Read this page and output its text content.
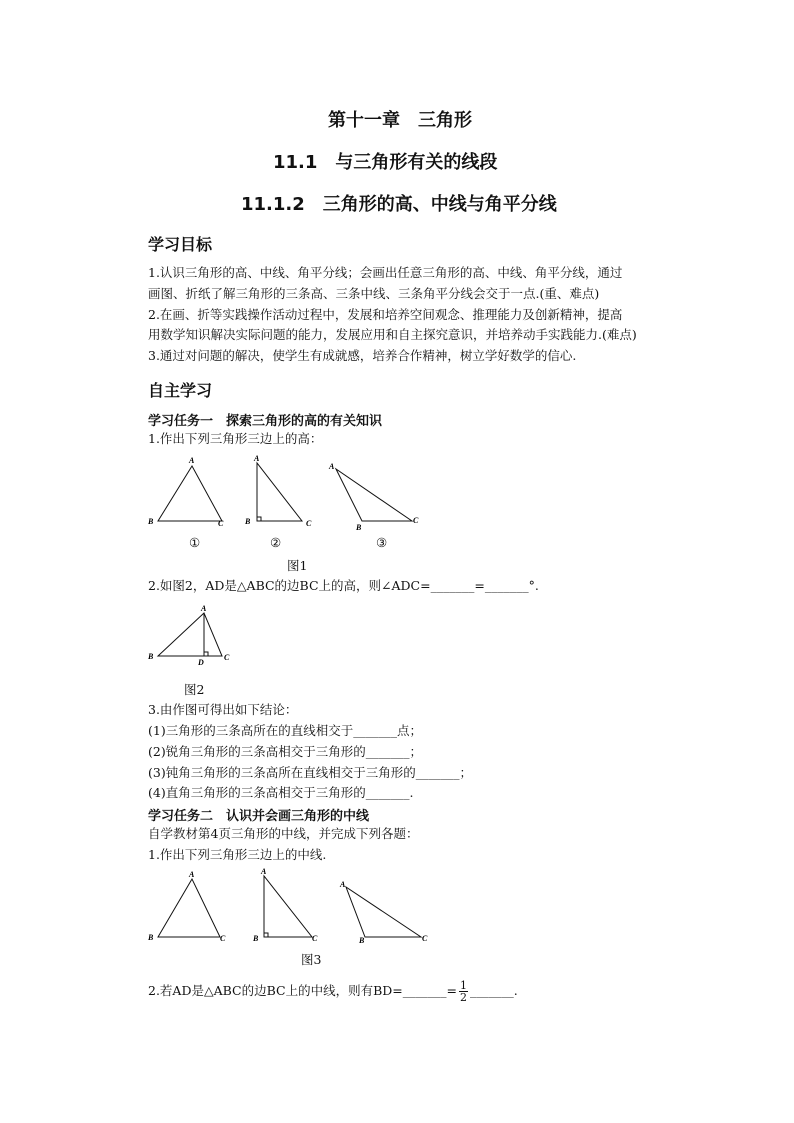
第十一章　三角形
11.1　与三角形有关的线段
11.1.2　三角形的高、中线与角平分线
学习目标
1.认识三角形的高、中线、角平分线；会画出任意三角形的高、中线、角平分线，通过
画图、折纸了解三角形的三条高、三条中线、三条角平分线会交于一点.(重、难点)
2.在画、折等实践操作活动过程中，发展和培养空间观念、推理能力及创新精神，提高
用数学知识解决实际问题的能力，发展应用和自主探究意识，并培养动手实践能力.(难点)
3.通过对问题的解决，使学生有成就感，培养合作精神，树立学好数学的信心.
自主学习
学习任务一　探索三角形的高的有关知识
1.作出下列三角形三边上的高：
A
B	C
A
B	C
A
B
C
①	②	③
图1
2.如图2，AD是△ABC的边BC上的高，则∠ADC=_______=_______°.
A
B	C
D
图2
3.由作图可得出如下结论：
(1)三角形的三条高所在的直线相交于_______点；
(2)锐角三角形的三条高相交于三角形的_______；
(3)钝角三角形的三条高所在直线相交于三角形的_______；
(4)直角三角形的三条高相交于三角形的_______.
学习任务二　认识并会画三角形的中线
自学教材第4页三角形的中线，并完成下列各题：
1.作出下列三角形三边上的中线.
A
B	C
A
B	C
A
B	C
图3
2.若AD是△ABC的边BC上的中线，则有BD=_______= $\frac{1}{2}$ _______.
